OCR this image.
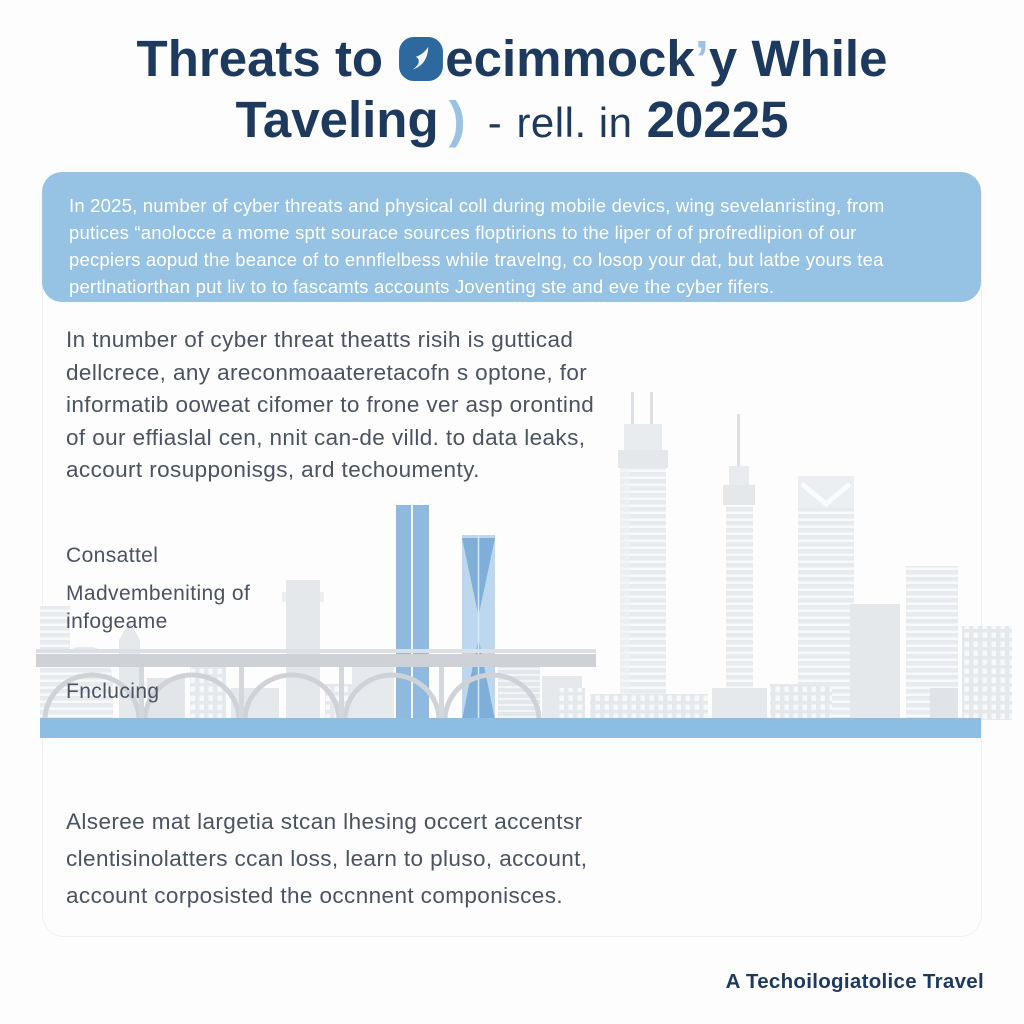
Threats to ecimmock’y While
Taveling ) - rell. in 20225
In 2025, number of cyber threats and physical coll during mobile devics, wing sevelanristing, from
putices “anolocce a mome sptt sourace sources floptirions to the liper of of profredlipion of our
pecpiers aopud the beance of to ennflelbess while travelng, co losop your dat, but latbe yours tea
pertlnatiorthan put liv to to fascamts accounts Joventing ste and eve the cyber fifers.
In tnumber of cyber threat theatts risih is gutticad
dellcrece, any areconmoaateretacofn s optone, for
informatib ooweat cifomer to frone ver asp orontind
of our effiaslal cen, nnit can-de villd. to data leaks,
accourt rosupponisgs, ard techoumenty.
Consattel
Madvembeniting of
infogeame
Fnclucing
Alseree mat largetia stcan lhesing occert accentsr
clentisinolatters ccan loss, learn to pluso, account,
account corposisted the occnnent componisces.
A Techoilogiatolice Travel
